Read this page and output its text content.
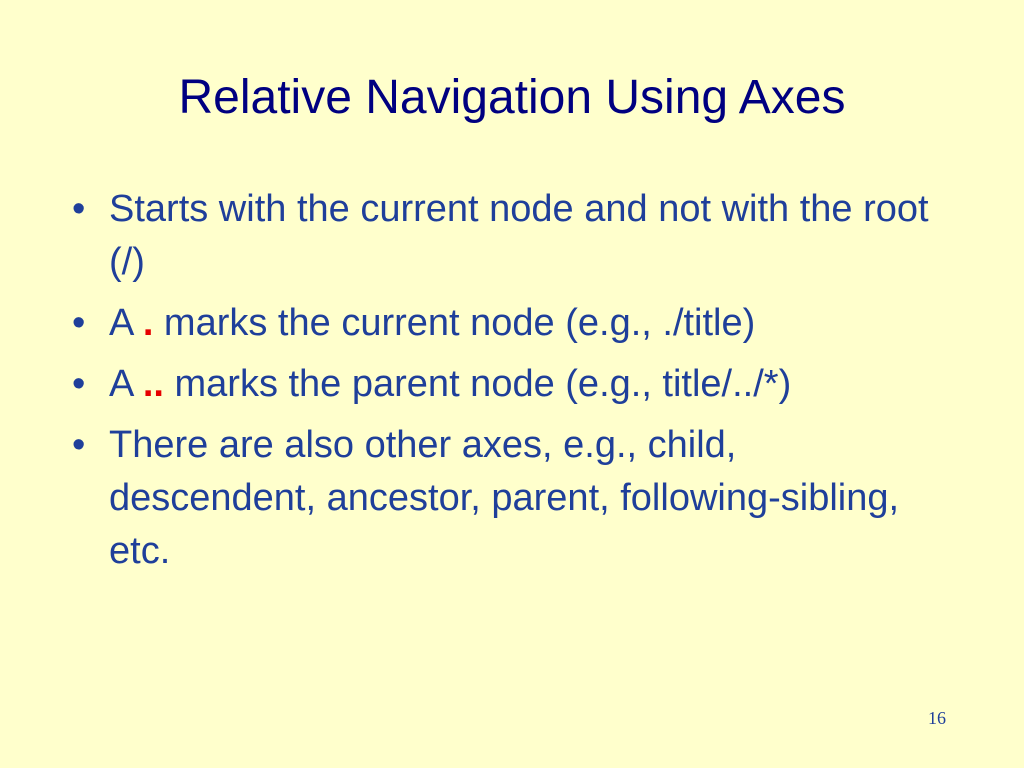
Relative Navigation Using Axes
• Starts with the current node and not with the root (/)
• A . marks the current node (e.g., ./title)
• A .. marks the parent node (e.g., title/../*)
• There are also other axes, e.g., child, descendent, ancestor, parent, following-sibling, etc.
16
